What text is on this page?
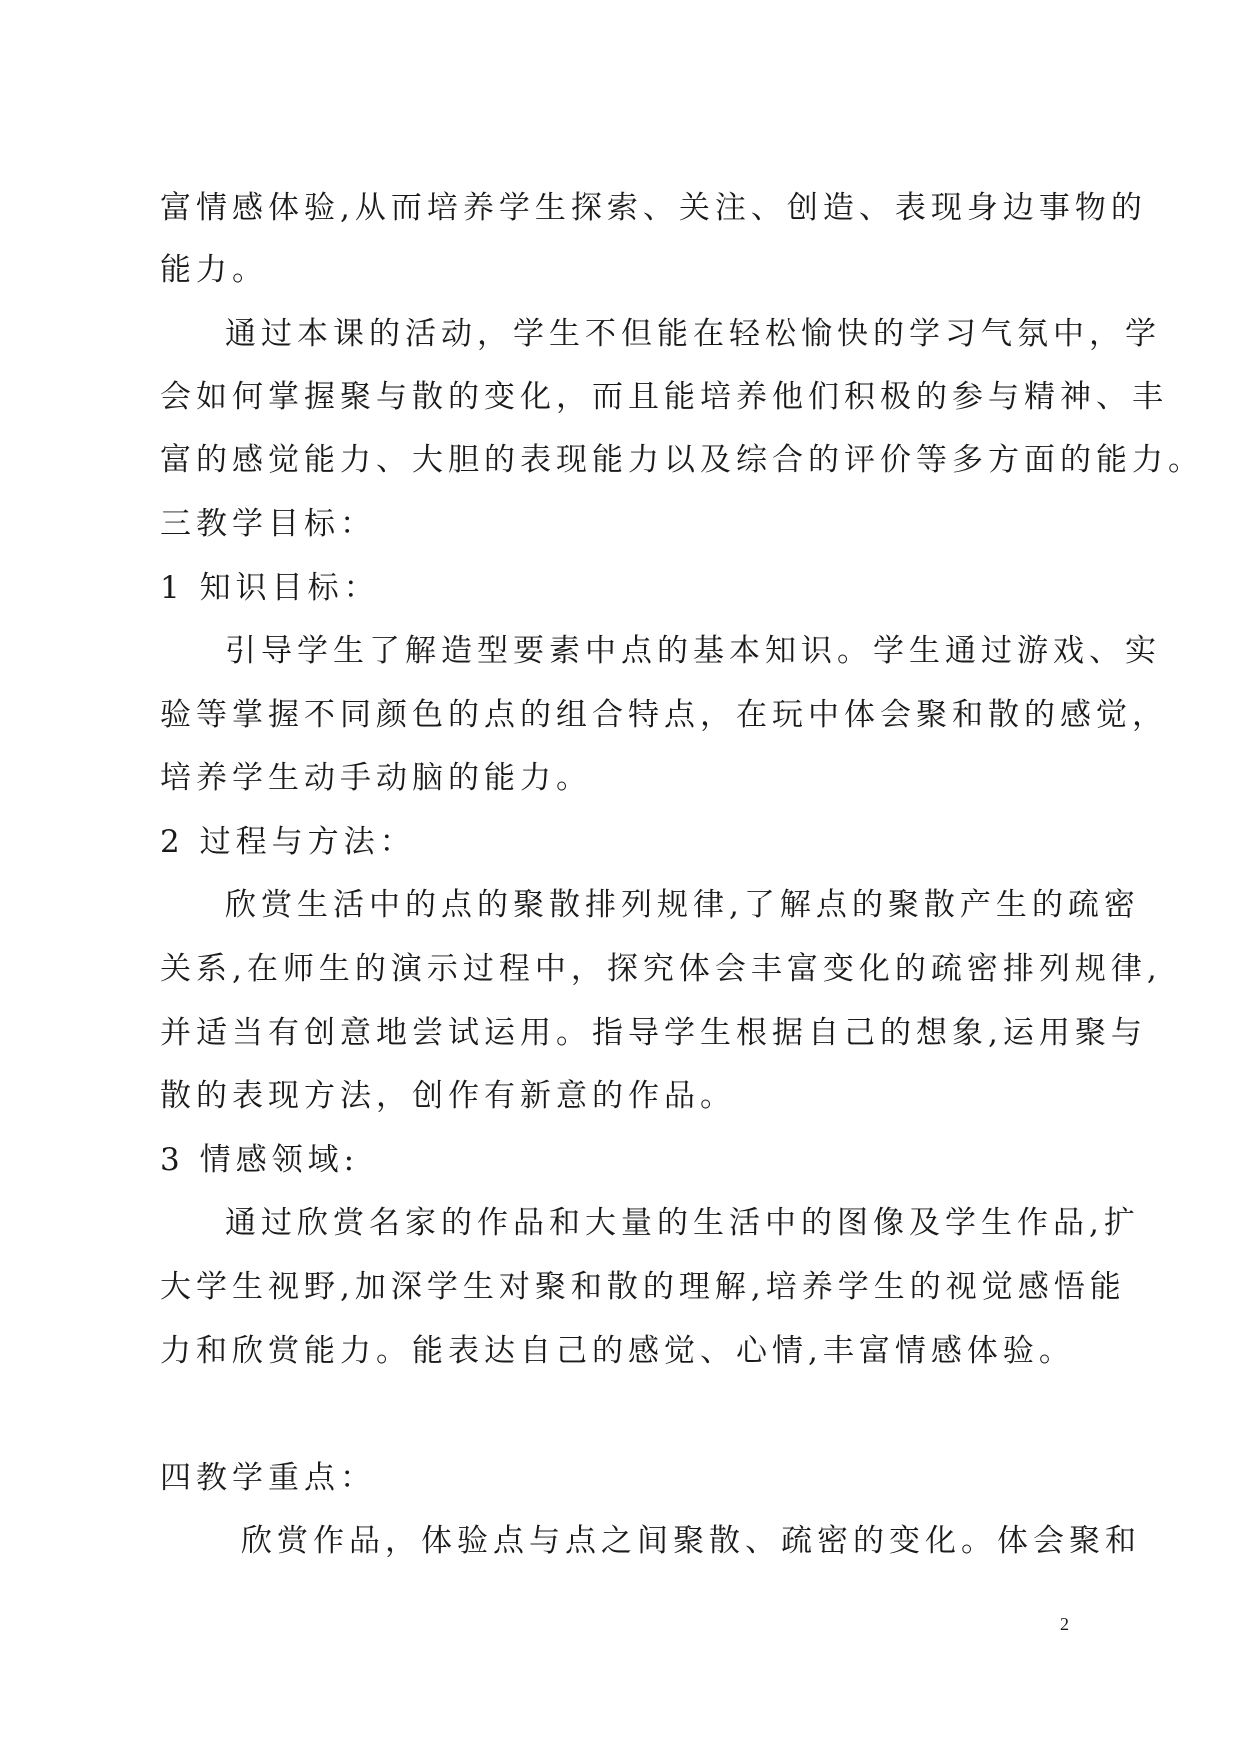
富情感体验,从而培养学生探索、关注、创造、表现身边事物的
能力。
通过本课的活动，学生不但能在轻松愉快的学习气氛中，学
会如何掌握聚与散的变化，而且能培养他们积极的参与精神、丰
富的感觉能力、大胆的表现能力以及综合的评价等多方面的能力。
三教学目标：
1 知识目标：
引导学生了解造型要素中点的基本知识。学生通过游戏、实
验等掌握不同颜色的点的组合特点，在玩中体会聚和散的感觉，
培养学生动手动脑的能力。
2 过程与方法：
欣赏生活中的点的聚散排列规律,了解点的聚散产生的疏密
关系,在师生的演示过程中，探究体会丰富变化的疏密排列规律,
并适当有创意地尝试运用。指导学生根据自己的想象,运用聚与
散的表现方法，创作有新意的作品。
3 情感领域:
通过欣赏名家的作品和大量的生活中的图像及学生作品,扩
大学生视野,加深学生对聚和散的理解,培养学生的视觉感悟能
力和欣赏能力。能表达自己的感觉、心情,丰富情感体验。
四教学重点：
欣赏作品，体验点与点之间聚散、疏密的变化。体会聚和
2
